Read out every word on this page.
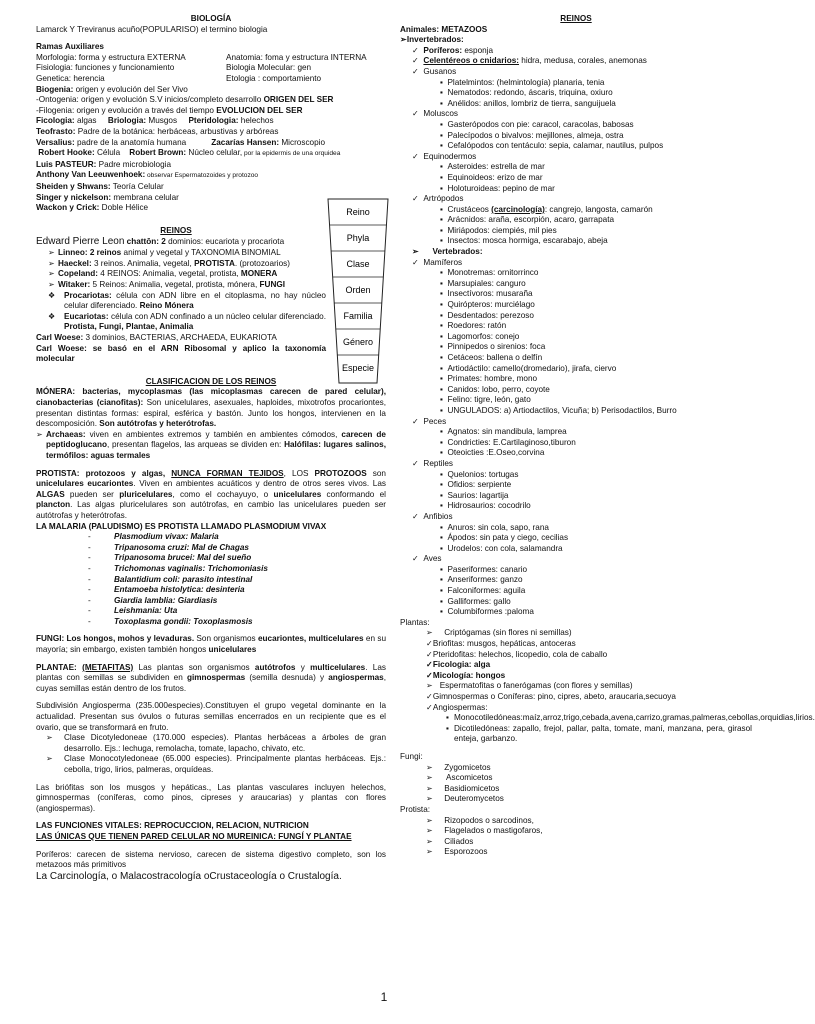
BIOLOGÍA
Lamarck Y Treviranus acuño(POPULARISO) el termino biologia
Ramas Auxiliares
Morfologia: forma y estructura EXTERNA	Anatomia: foma y estructura INTERNA
Fisiologia: funciones y funcionamiento	Biologia Molecular: gen
Genetica: herencia	Etologia : comportamiento
Biogenia: origen y evolución del Ser Vivo
-Ontogenia: origen y evolución S.V inicios/completo desarrollo ORIGEN DEL SER
-Filogenia: origen y evolución a través del tiempo EVOLUCION DEL SER
Ficologia: algas Briologia: Musgos Pteridologia: helechos
Teofrasto: Padre de la botánica: herbáceas, arbustivas y arbóreas
Versalius: padre de la anatomía humana	Zacarías Hansen: Microscopio
Robert Hooke: Célula Robert Brown: Núcleo celular, por la epidermis de una orquidea
Luis PASTEUR: Padre microbiologia
Anthony Van Leeuwenhoek: observar Espermatozoides y protozoo
Sheiden y Shwans: Teoría Celular
Singer y nickelson: membrana celular
Wackon y Crick: Doble Hélice
REINOS
Edward Pierre Leon chattōn: 2 dominios: eucariota y procariota
➢ Linneo: 2 reinos animal y vegetal y TAXONOMIA BINOMIAL
➢ Haeckel: 3 reinos. Animalia, vegetal, PROTISTA. (protozoarios)
➢ Copeland: 4 REINOS: Animalia, vegetal, protista, MONERA
➢ Witaker: 5 Reinos: Animalia, vegetal, protista, mónera, FUNGI
❖ Procariotas: célula con ADN libre en el citoplasma, no hay núcleo celular diferenciado. Reino Mónera
❖ Eucariotas: célula con ADN confinado a un núcleo celular diferenciado. Protista, Fungi, Plantae, Animalia
Carl Woese: 3 dominios, BACTERIAS, ARCHAEDA, EUKARIOTA
Carl Woese: se basó en el ARN Ribosomal y aplico la taxonomía molecular
CLASIFICACION DE LOS REINOS
MÓNERA: bacterias, mycoplasmas (las micoplasmas carecen de pared celular), cianobacterias (cianofitas): Son unicelulares, asexuales, haploides, mixotrofos procariontes, presentan distintas formas: espiral, esférica y bastón. Junto los hongos, intervienen en la descomposición. Son autótrofas y heterótrofas.
➢ Archaeas: viven en ambientes extremos y también en ambientes cómodos, carecen de peptidoglucano, presentan flagelos, las arqueas se dividen en: Halófilas: lugares salinos, termófilos: aguas termales
PROTISTA: protozoos y algas, NUNCA FORMAN TEJIDOS, LOS PROTOZOOS son unicelulares eucariontes. Viven en ambientes acuáticos y dentro de otros seres vivos. Las ALGAS pueden ser pluricelulares, como el cochayuyo, o unicelulares conformando el plancton. Las algas pluricelulares son autótrofas, en cambio las unicelulares pueden ser autótrofas y heterótrofas.
LA MALARIA (PALUDISMO) ES PROTISTA LLAMADO PLASMODIUM VIVAX
-	Plasmodium vivax: Malaria
-	Tripanosoma cruzi: Mal de Chagas
-	Tripanosoma brucei: Mal del sueño
-	Trichomonas vaginalis: Trichomoniasis
-	Balantidium coli: parasito intestinal
-	Entamoeba histolytica: desinteria
-	Giardia lamblia: Giardiasis
-	Leishmania: Uta
-	Toxoplasma gondii: Toxoplasmosis
FUNGI: Los hongos, mohos y levaduras. Son organismos eucariontes, multicelulares en su mayoría; sin embargo, existen también hongos unicelulares
PLANTAE: (METAFITAS) Las plantas son organismos autótrofos y multicelulares. Las plantas con semillas se subdividen en gimnospermas (semilla desnuda) y angiospermas, cuyas semillas están dentro de los frutos.
Subdivisión Angiosperma (235.000especies).Constituyen el grupo vegetal dominante en la actualidad. Presentan sus óvulos o futuras semillas encerrados en un recipiente que es el ovario, que se transformará en fruto.
➢ Clase Dicotyledoneae (170.000 especies). Plantas herbáceas a árboles de gran desarrollo. Ejs.: lechuga, remolacha, tomate, lapacho, chivato, etc.
➢ Clase Monocotyledoneae (65.000 especies). Principalmente plantas herbáceas. Ejs.: cebolla, trigo, lirios, palmeras, orquídeas.
Las briófitas son los musgos y hepáticas., Las plantas vasculares incluyen helechos, gimnospermas (coníferas, como pinos, cipreses y araucarias) y plantas con flores (angiospermas).
LAS FUNCIONES VITALES: REPROCUCCION, RELACION, NUTRICION
LAS ÚNICAS QUE TIENEN PARED CELULAR NO MUREINICA: FUNGÍ Y PLANTAE
Poríferos: carecen de sistema nervioso, carecen de sistema digestivo completo, son los metazoos más primitivos
La Carcinología, o Malacostracología oCrustaceología o Crustalogía.
Reino
Phyla
Clase
Orden
Familia
Género
Especie
REINOS
Animales: METAZOOS
➢Invertebrados:
✓  Poríferos: esponja
✓  Celentéreos o cnidarios: hidra, medusa, corales, anemonas
✓  Gusanos
▪  Platelmintos: (helmintología) planaria, tenia
▪  Nematodos: redondo, áscaris, triquina, oxiuro
▪  Anélidos: anillos, lombriz de tierra, sanguijuela
✓  Moluscos
▪  Gasterópodos con pie: caracol, caracolas, babosas
▪  Palecípodos o bivalvos: mejillones, almeja, ostra
▪  Cefalópodos con tentáculo: sepia, calamar, nautilus, pulpos
✓  Equinodermos
▪  Asteroides: estrella de mar
▪  Equinoideos: erizo de mar
▪  Holoturoideas: pepino de mar
✓  Artrópodos
▪  Crustáceos (carcinología): cangrejo, langosta, camarón
▪  Arácnidos: araña, escorpión, acaro, garrapata
▪  Miriápodos: ciempiés, mil pies
▪  Insectos: mosca hormiga, escarabajo, abeja
➢      Vertebrados:
✓  Mamíferos
▪  Monotremas: ornitorrinco
▪  Marsupiales: canguro
▪  Insectívoros: musaraña
▪  Quirópteros: murciélago
▪  Desdentados: perezoso
▪  Roedores: ratón
▪  Lagomorfos: conejo
▪  Pinnipedos o sirenios: foca
▪  Cetáceos: ballena o delfín
▪  Artiodáctilo: camello(dromedario), jirafa, ciervo
▪  Primates: hombre, mono
▪  Canidos: lobo, perro, coyote
▪  Felino: tigre, león, gato
▪  UNGULADOS: a) Artiodactilos, Vicuña; b) Perisodactilos, Burro
✓  Peces
▪  Agnatos: sin mandibula, lamprea
▪  Condricties: E.Cartilaginoso,tiburon
▪  Oteoicties :E.Oseo,corvina
✓  Reptiles
▪  Quelonios: tortugas
▪  Ofidios: serpiente
▪  Saurios: lagartija
▪  Hidrosaurios: cocodrilo
✓  Anfibios
▪  Anuros: sin cola, sapo, rana
▪  Ápodos: sin pata y ciego, cecilias
▪  Urodelos: con cola, salamandra
✓  Aves
▪  Paseriformes: canario
▪  Anseriformes: ganzo
▪  Falconiformes: aguila
▪  Galliformes: gallo
▪  Columbiformes :paloma
Plantas:
➢     Criptógamas (sin flores ni semillas)
✓Briofitas: musgos, hepáticas, antoceras
✓Pteridofitas: helechos, licopedio, cola de caballo
✓Ficologia: alga
✓Micología: hongos
➢   Espermatofitas o fanerógamas (con flores y semillas)
✓Gimnospermas o Coníferas: pino, cipres, abeto, araucaria,secuoya
✓Angiospermas:
▪ Monocotiledóneas:maíz,arroz,trigo,cebada,avena,carrizo,gramas,palmeras,cebollas,orquidias,lirios.
▪ Dicotiledóneas: zapallo, frejol, pallar, palta, tomate, maní, manzana, pera, girasol enteja, garbanzo.
Fungi:
➢     Zygomicetos
➢      Ascomicetos
➢     Basidiomicetos
➢     Deuteromycetos
Protista:
➢     Rizopodos o sarcodinos,
➢     Flagelados o mastigofaros,
➢     Ciliados
➢     Esporozoos
1
